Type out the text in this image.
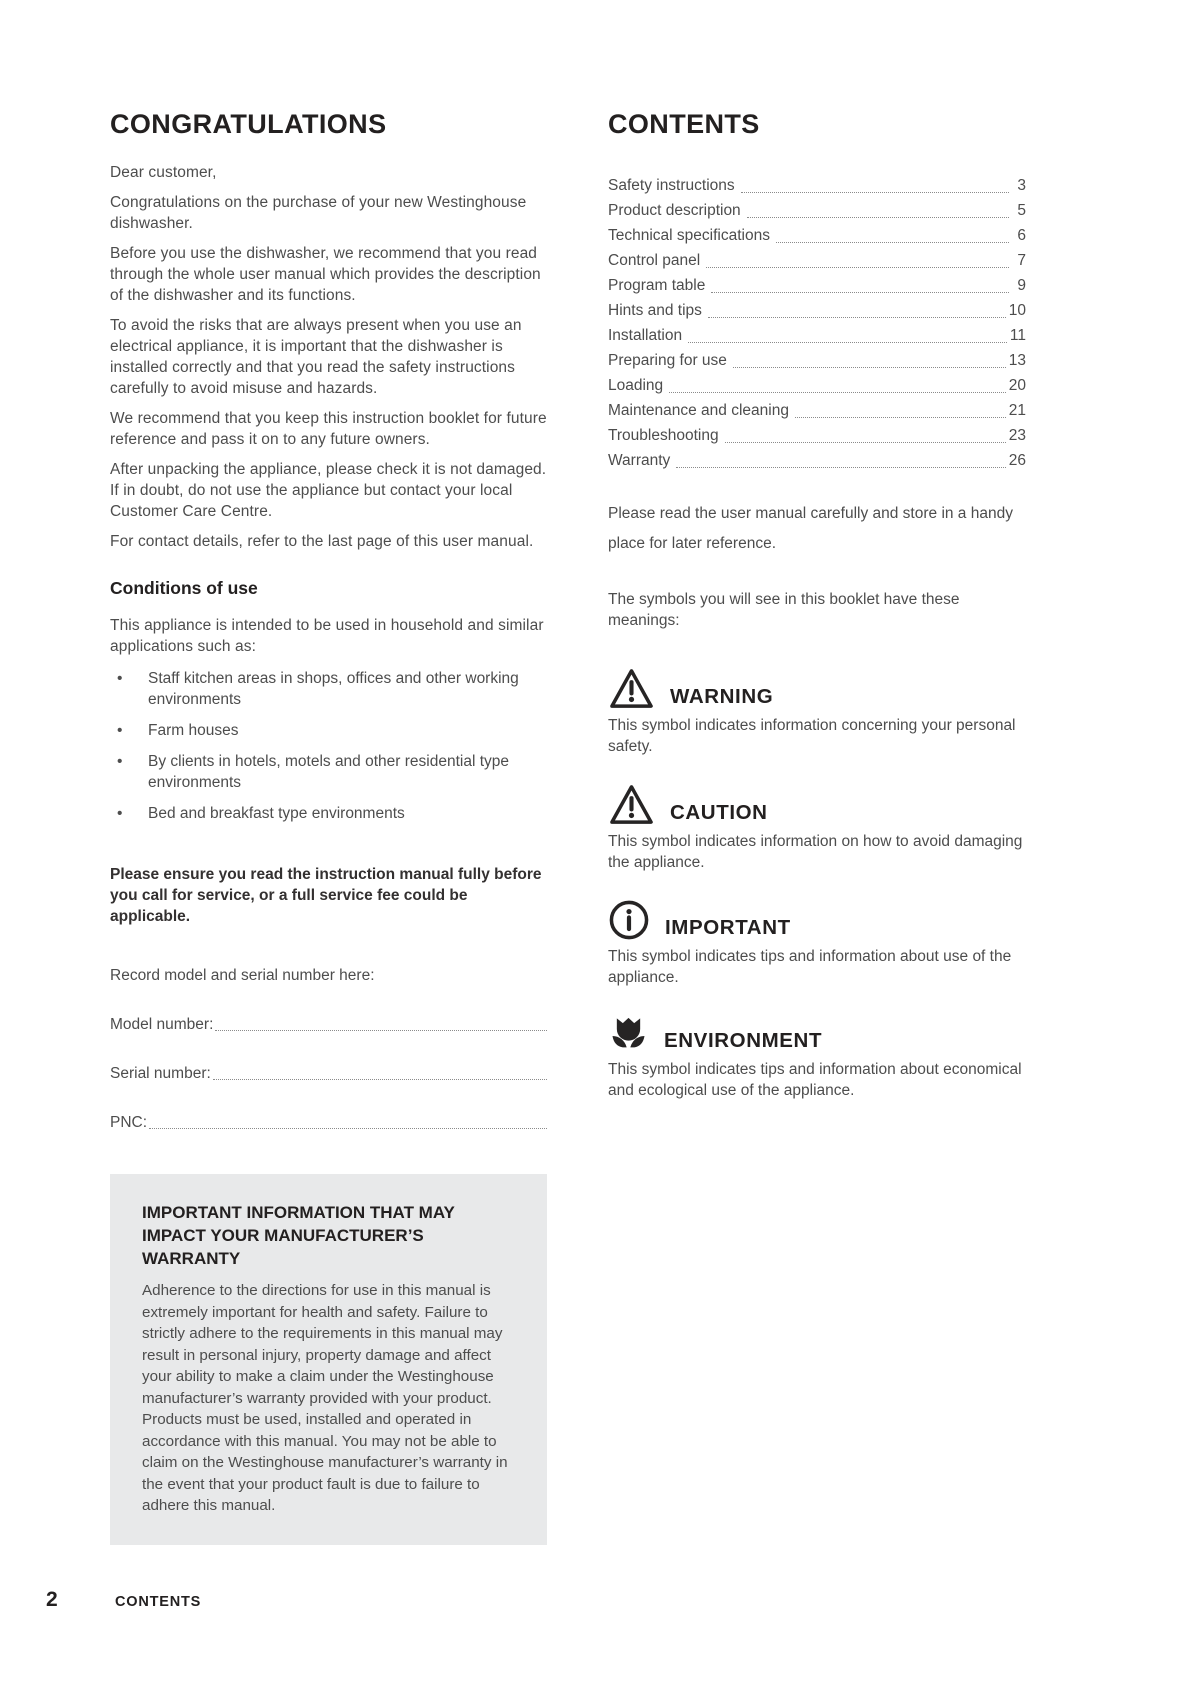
CONGRATULATIONS

Dear customer,

Congratulations on the purchase of your new Westinghouse dishwasher.

Before you use the dishwasher, we recommend that you read through the whole user manual which provides the description of the dishwasher and its functions.

To avoid the risks that are always present when you use an electrical appliance, it is important that the dishwasher is installed correctly and that you read the safety instructions carefully to avoid misuse and hazards.

We recommend that you keep this instruction booklet for future reference and pass it on to any future owners.

After unpacking the appliance, please check it is not damaged. If in doubt, do not use the appliance but contact your local Customer Care Centre.

For contact details, refer to the last page of this user manual.

Conditions of use

This appliance is intended to be used in household and similar applications such as:

• Staff kitchen areas in shops, offices and other working environments
• Farm houses
• By clients in hotels, motels and other residential type environments
• Bed and breakfast type environments

Please ensure you read the instruction manual fully before you call for service, or a full service fee could be applicable.

Record model and serial number here:

Model number:
Serial number:
PNC:
IMPORTANT INFORMATION THAT MAY IMPACT YOUR MANUFACTURER’S WARRANTY
Adherence to the directions for use in this manual is extremely important for health and safety. Failure to strictly adhere to the requirements in this manual may result in personal injury, property damage and affect your ability to make a claim under the Westinghouse manufacturer’s warranty provided with your product. Products must be used, installed and operated in accordance with this manual. You may not be able to claim on the Westinghouse manufacturer’s warranty in the event that your product fault is due to failure to adhere this manual.
CONTENTS
Safety instructions	3
Product description	5
Technical specifications	6
Control panel	7
Program table	9
Hints and tips	10
Installation	11
Preparing for use	13
Loading	20
Maintenance and cleaning	21
Troubleshooting	23
Warranty	26

Please read the user manual carefully and store in a handy place for later reference.

The symbols you will see in this booklet have these meanings:

WARNING

This symbol indicates information concerning your personal safety.

CAUTION

This symbol indicates information on how to avoid damaging the appliance.

IMPORTANT

This symbol indicates tips and information about use of the appliance.

ENVIRONMENT

This symbol indicates tips and information about economical and ecological use of the appliance.

2	CONTENTS
